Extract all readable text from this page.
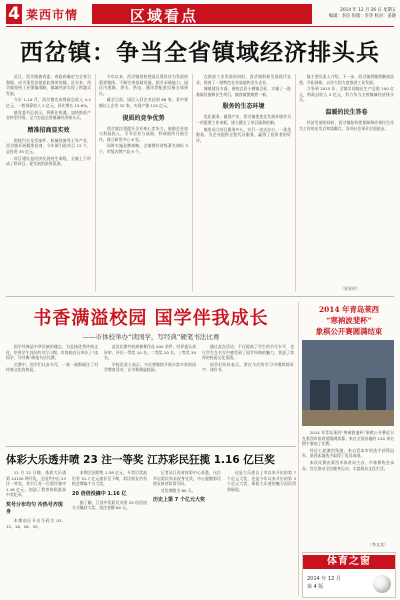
4 莱西市情	区域看点	2014 年 12 月 26 日 星期五
编辑：李洁 组版：李华 校对：姜晓
西岔镇：争当全省镇域经济排头兵

近日，西岔镇被省委、省政府确定为全省百强镇，成为莱西首批获此殊荣的镇。近年来，西岔镇坚持工业强镇战略，镇域经济实现了跨越式发展。

今年 1-10 月，西岔镇完成财政总收入 4.2 亿元，一般预算收入 2 亿元，同比增长 15.6%。

镇党委书记表示，将抓住机遇，加快推进产业转型升级，全力打造全省镇域经济排头兵。

精准招商显实效

围绕汽车及零部件、机械装备等主导产业，西岔镇开展精准招商，今年新引进项目 12 个，总投资 35 亿元。

项目建设是经济发展的生命线，全镇上下形成了抓项目、促发展的浓厚氛围。

今年以来，西岔镇坚持把园区建设作为发展的重要载体，不断完善基础设施，提升承载能力。园区内道路、供水、供电、通讯等配套设施全部到位。

截至目前，园区入驻企业达到 86 家，其中规模以上企业 32 家，实现产值 120 亿元。

提质的竞争优势

西岔镇注重提升企业核心竞争力，鼓励企业加大科技投入，引导企业与高校、科研院所开展合作，建立研发中心 6 处。

同时实施品牌战略，全镇拥有省级著名商标 5 个，市级名牌产品 9 个。

在推进工业发展的同时，西岔镇积极发展现代农业，培育了一批特色农业基地和龙头企业。

城镇建设方面，围绕宜居小城镇目标，实施了一批基础设施和民生项目，镇容镇貌焕然一新。

服务的生态环境

优化服务，做强产业，西岔镇把优化发展环境作为一项重要工作来抓，建立健全了项目服务机制。

镇里成立项目服务中心，实行一站式办公、一条龙服务，为企业提供全程代办服务，赢得了投资者的好评。

镇主要负责人介绍，下一步，西岔镇将继续解放思想、开拓创新，以更大的力度推进工业发展。

力争到 2015 年，全镇实现地区生产总值 100 亿元，财政总收入 5 亿元，努力争当全省镇域经济排头兵。

温暖的民生答卷

经济发展的同时，西岔镇始终把保障和改善民生作为工作的出发点和落脚点，各项社会事业全面进步。

（宋亚玲）
书香满溢校园 国学伴我成长
——市体校举办“读国学，写经典”硬笔书法比赛

国学经典是中华民族的瑰宝，为弘扬优秀传统文化，培养学生良好的书写习惯，市体校近日举办了“读国学，写经典”硬笔书法比赛。

比赛中，同学们认真书写，一笔一画都倾注了对传统文化的热爱。

此次比赛共收到参赛作品 200 余件，经评委认真评审，评出一等奖 10 名、二等奖 20 名、三等奖 30 名。

学校负责人表示，今后将继续开展丰富多彩的国学教育活动，让书香满溢校园。

通过此次活动，不仅提高了学生的书写水平，也让学生在书写中感受到了国学经典的魅力，营造了浓厚的校园文化氛围。

同学们纷纷表示，要在今后的学习中继续练好字、读好书。

2014 年青岛莱西
“寒衲波斐杯”
象棋公开赛圆满结束

2014 年青岛莱西“寒衲波斐杯”象棋公开赛近日在莱西市体育馆圆满落幕，来自全国各地的 120 余名棋手参加了比赛。

经过七轮激烈角逐，来自青岛市的选手获得冠军，莱西本地选手取得了优异成绩。

本次比赛由莱西市体育局主办，市象棋协会承办，旨在推动全民健身运动，丰富群众文化生活。

（李文龙）
体彩大乐透井喷 23 注一等奖 江苏彩民狂揽 1.16 亿巨奖

12 月 22 日晚，体彩大乐透第 14150 期开奖，全国共中出 23 注一等奖，其中江苏一位彩民独中 1.16 亿元，创造了我省体彩最高中奖纪录。

奖号分布均匀 冷热号齐现身

本期前区开出号码为 03、12、16、26、35。

本期全国销售 1.58 亿元，开奖后奖池仍有 31.7 亿元滚存至下期，彩民朋友仍有机会博取千万大奖。

20 倍倍投擒中 1.16 亿

据了解，江苏中奖彩民采用 20 倍倍投方式擒获大奖，投注金额 60 元。

记者从江苏省体彩中心获悉，这位幸运彩民尚未现身兑奖，中心提醒彩民朋友核对彩票号码。

兑奖期限为 60 天。

历史上第 7 个亿元大奖

这是大乐透自上市以来开出的第 7 个亿元大奖，也是今年以来开出的第 3 个亿元大奖，体彩大乐透的魅力再次得到展现。

体育之窗
2014 年 12 月
第 4 版
